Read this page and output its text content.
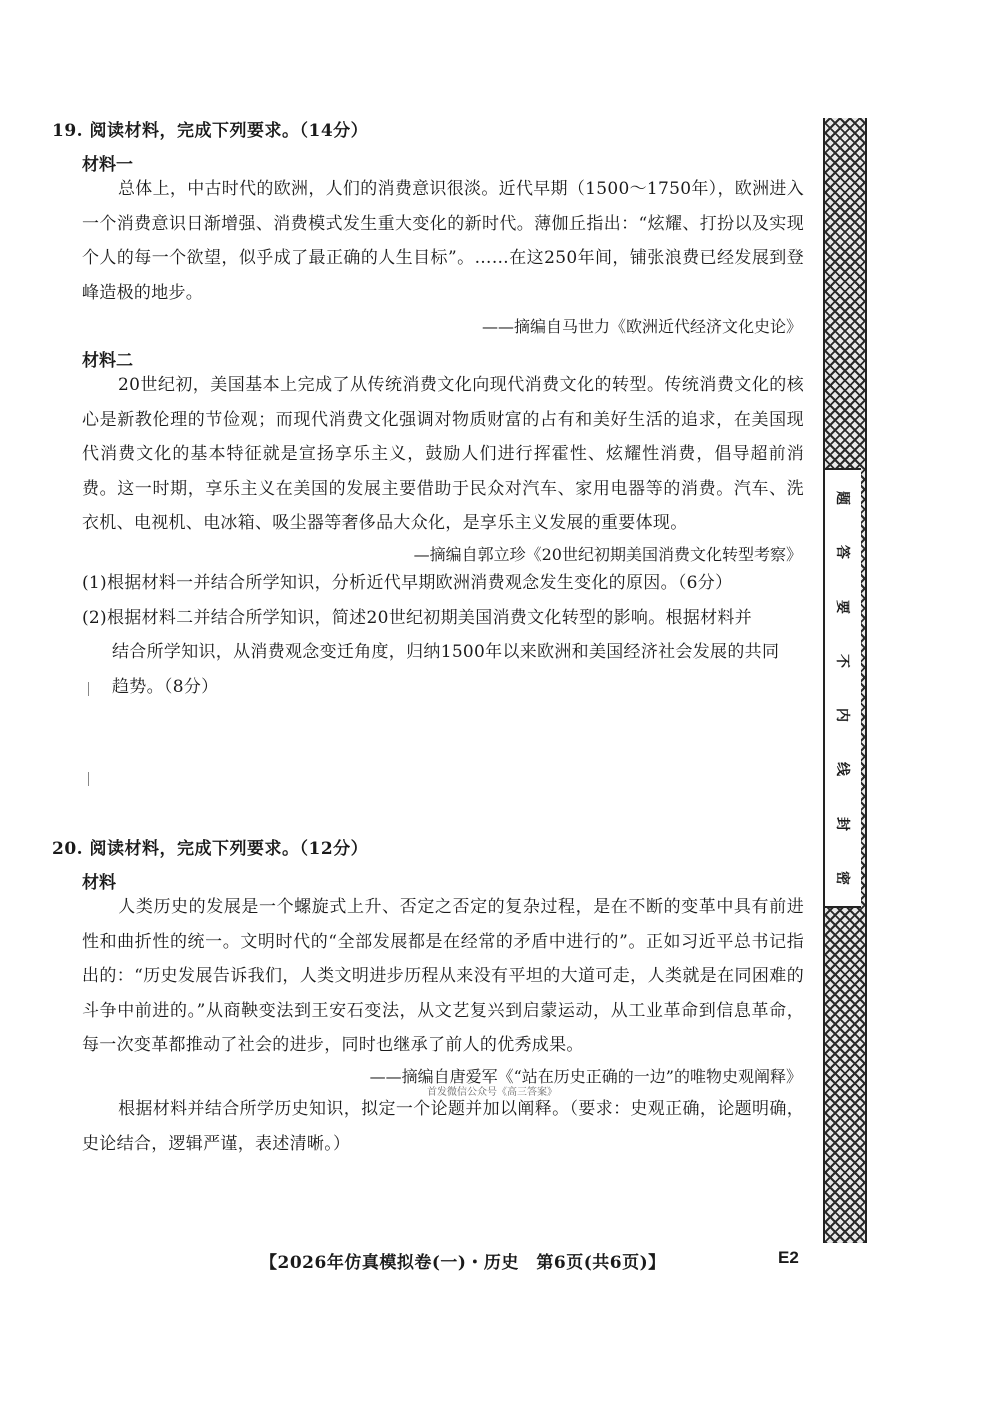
19. 阅读材料，完成下列要求。（14分）
材料一
总体上，中古时代的欧洲，人们的消费意识很淡。近代早期（1500～1750年），欧洲进入一个消费意识日渐增强、消费模式发生重大变化的新时代。薄伽丘指出：“炫耀、打扮以及实现个人的每一个欲望，似乎成了最正确的人生目标”。……在这250年间，铺张浪费已经发展到登峰造极的地步。
——摘编自马世力《欧洲近代经济文化史论》
材料二
20世纪初，美国基本上完成了从传统消费文化向现代消费文化的转型。传统消费文化的核心是新教伦理的节俭观；而现代消费文化强调对物质财富的占有和美好生活的追求，在美国现代消费文化的基本特征就是宣扬享乐主义，鼓励人们进行挥霍性、炫耀性消费，倡导超前消费。这一时期，享乐主义在美国的发展主要借助于民众对汽车、家用电器等的消费。汽车、洗衣机、电视机、电冰箱、吸尘器等奢侈品大众化，是享乐主义发展的重要体现。
—摘编自郭立珍《20世纪初期美国消费文化转型考察》

(1)根据材料一并结合所学知识，分析近代早期欧洲消费观念发生变化的原因。（6分）

(2)根据材料二并结合所学知识，简述20世纪初期美国消费文化转型的影响。根据材料并

结合所学知识，从消费观念变迁角度，归纳1500年以来欧洲和美国经济社会发展的共同

趋势。（8分）

20. 阅读材料，完成下列要求。（12分）
材料
人类历史的发展是一个螺旋式上升、否定之否定的复杂过程，是在不断的变革中具有前进性和曲折性的统一。文明时代的“全部发展都是在经常的矛盾中进行的”。正如习近平总书记指出的：“历史发展告诉我们，人类文明进步历程从来没有平坦的大道可走，人类就是在同困难的斗争中前进的。”从商鞅变法到王安石变法，从文艺复兴到启蒙运动，从工业革命到信息革命，每一次变革都推动了社会的进步，同时也继承了前人的优秀成果。
——摘编自唐爱军《“站在历史正确的一边”的唯物史观阐释》
首发微信公众号《高三答案》
根据材料并结合所学历史知识，拟定一个论题并加以阐释。（要求：史观正确，论题明确，史论结合，逻辑严谨，表述清晰。）
题
答
要
不
内
线
封
密
【2026年仿真模拟卷(一)・历史　第6页(共6页)】	E2
